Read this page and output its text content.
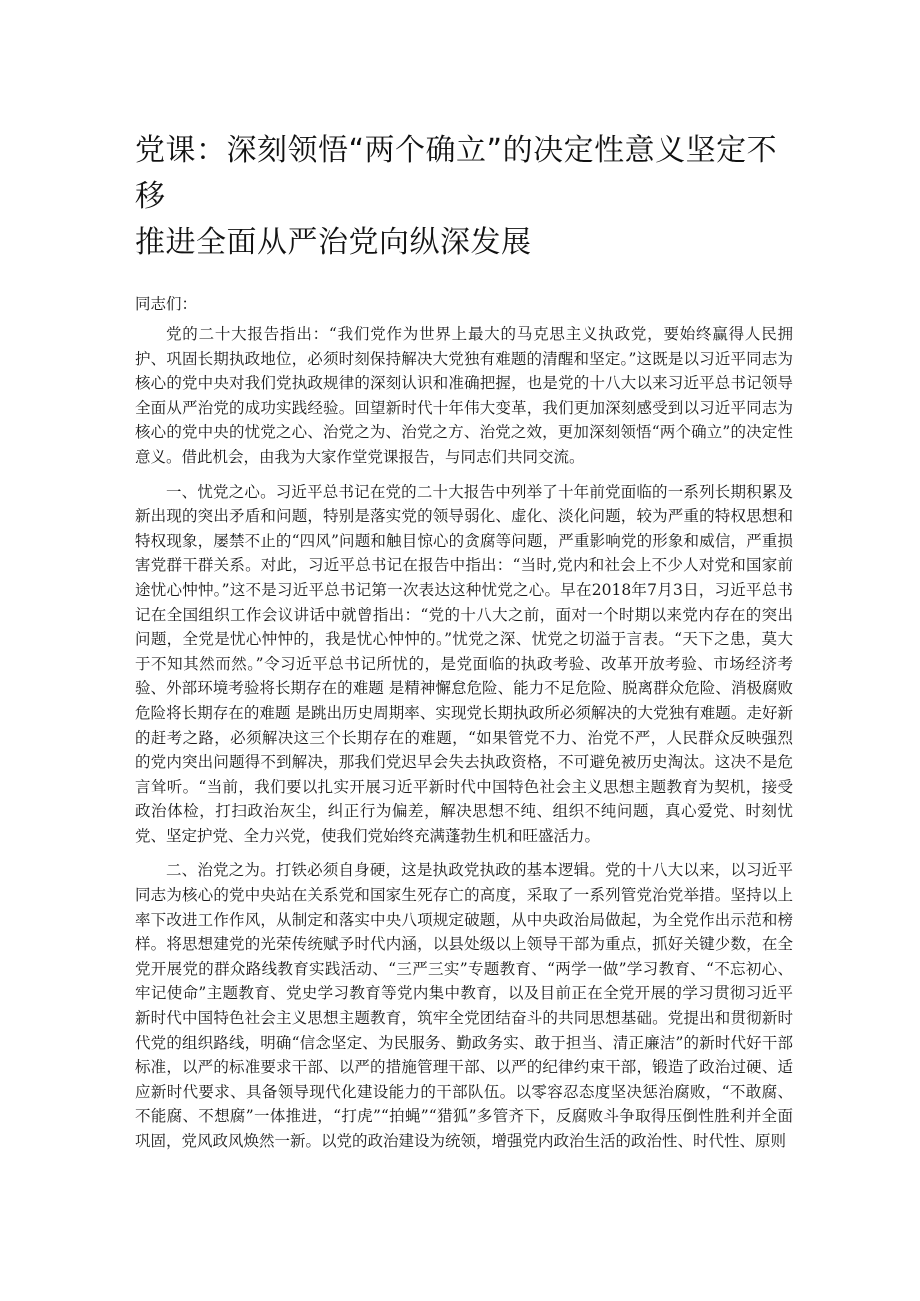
党课：深刻领悟“两个确立”的决定性意义坚定不移
推进全面从严治党向纵深发展

同志们：

党的二十大报告指出：“我们党作为世界上最大的马克思主义执政党，要始终赢得人民拥护、巩固长期执政地位，必须时刻保持解决大党独有难题的清醒和坚定。”这既是以习近平同志为核心的党中央对我们党执政规律的深刻认识和准确把握，也是党的十八大以来习近平总书记领导全面从严治党的成功实践经验。回望新时代十年伟大变革，我们更加深刻感受到以习近平同志为核心的党中央的忧党之心、治党之为、治党之方、治党之效，更加深刻领悟“两个确立”的决定性意义。借此机会，由我为大家作堂党课报告，与同志们共同交流。

一、忧党之心。习近平总书记在党的二十大报告中列举了十年前党面临的一系列长期积累及新出现的突出矛盾和问题，特别是落实党的领导弱化、虚化、淡化问题，较为严重的特权思想和特权现象，屡禁不止的“四风”问题和触目惊心的贪腐等问题，严重影响党的形象和威信，严重损害党群干群关系。对此，习近平总书记在报告中指出：“当时,党内和社会上不少人对党和国家前途忧心忡忡。”这不是习近平总书记第一次表达这种忧党之心。早在2018年7月3日，习近平总书记在全国组织工作会议讲话中就曾指出：“党的十八大之前，面对一个时期以来党内存在的突出问题，全党是忧心忡忡的，我是忧心忡忡的。”忧党之深、忧党之切溢于言表。“天下之患，莫大于不知其然而然。”令习近平总书记所忧的，是党面临的执政考验、改革开放考验、市场经济考验、外部环境考验将长期存在的难题 是精神懈怠危险、能力不足危险、脱离群众危险、消极腐败危险将长期存在的难题 是跳出历史周期率、实现党长期执政所必须解决的大党独有难题。走好新的赶考之路，必须解决这三个长期存在的难题，“如果管党不力、治党不严，人民群众反映强烈的党内突出问题得不到解决，那我们党迟早会失去执政资格，不可避免被历史淘汰。这决不是危言耸听。“当前，我们要以扎实开展习近平新时代中国特色社会主义思想主题教育为契机，接受政治体检，打扫政治灰尘，纠正行为偏差，解决思想不纯、组织不纯问题，真心爱党、时刻忧党、坚定护党、全力兴党，使我们党始终充满蓬勃生机和旺盛活力。

二、治党之为。打铁必须自身硬，这是执政党执政的基本逻辑。党的十八大以来，以习近平同志为核心的党中央站在关系党和国家生死存亡的高度，采取了一系列管党治党举措。坚持以上率下改进工作作风，从制定和落实中央八项规定破题，从中央政治局做起，为全党作出示范和榜样。将思想建党的光荣传统赋予时代内涵，以县处级以上领导干部为重点，抓好关键少数，在全党开展党的群众路线教育实践活动、“三严三实”专题教育、“两学一做”学习教育、“不忘初心、牢记使命”主题教育、党史学习教育等党内集中教育，以及目前正在全党开展的学习贯彻习近平新时代中国特色社会主义思想主题教育，筑牢全党团结奋斗的共同思想基础。党提出和贯彻新时代党的组织路线，明确“信念坚定、为民服务、勤政务实、敢于担当、清正廉洁”的新时代好干部标准，以严的标准要求干部、以严的措施管理干部、以严的纪律约束干部，锻造了政治过硬、适应新时代要求、具备领导现代化建设能力的干部队伍。以零容忍态度坚决惩治腐败，“不敢腐、不能腐、不想腐”一体推进，“打虎”“拍蝇”“猎狐”多管齐下，反腐败斗争取得压倒性胜利并全面巩固，党风政风焕然一新。以党的政治建设为统领，增强党内政治生活的政治性、时代性、原则
